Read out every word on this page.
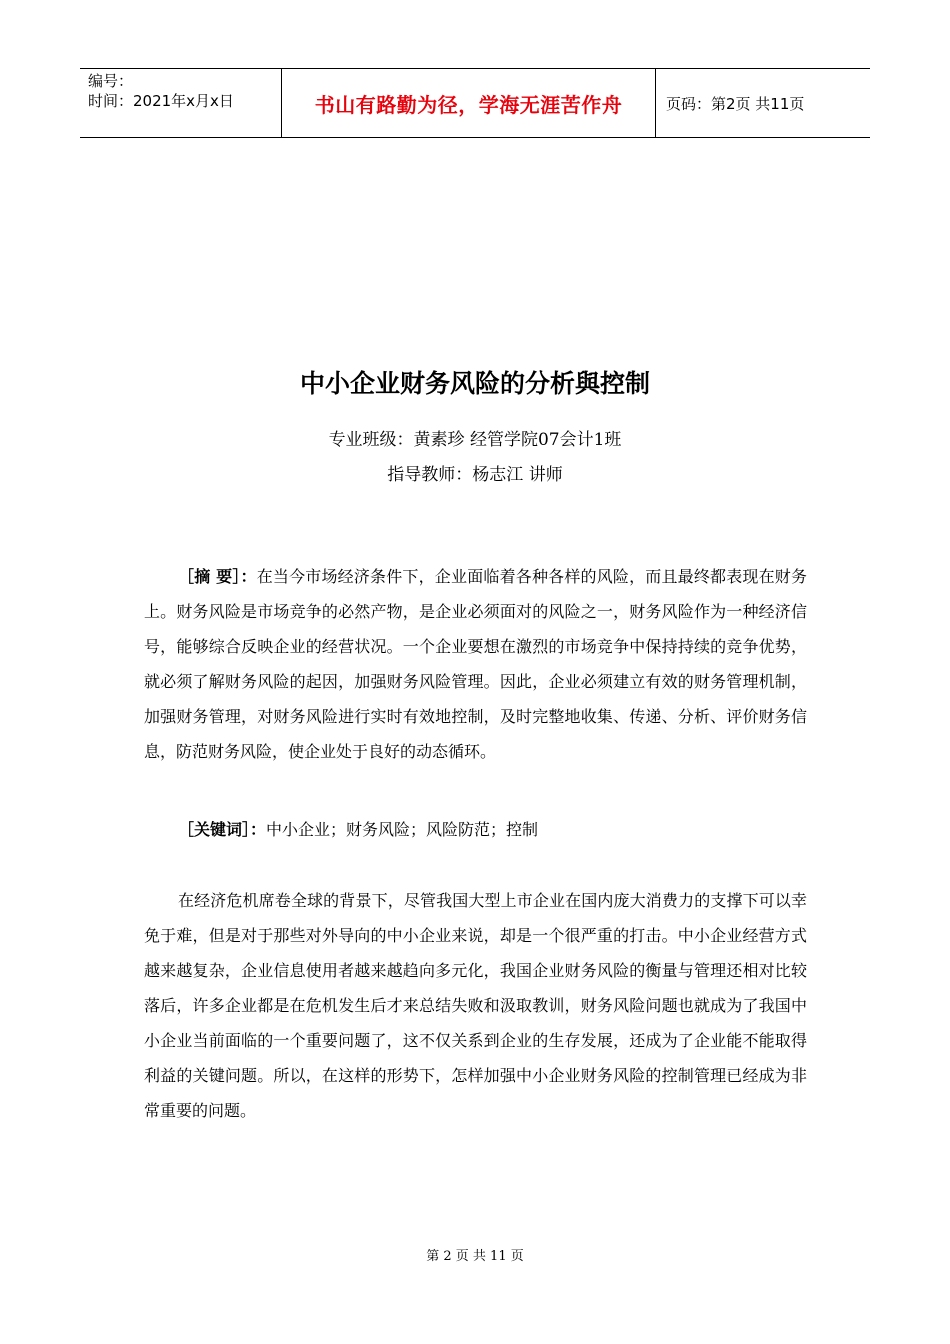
编号：
时间：2021年x月x日	书山有路勤为径，学海无涯苦作舟	页码：第2页 共11页
中小企业财务风险的分析與控制
专业班级：黄素珍 经管学院07会计1班
指导教师：杨志江 讲师
［摘 要］：在当今市场经济条件下，企业面临着各种各样的风险，而且最终都表现在财务上。财务风险是市场竞争的必然产物，是企业必须面对的风险之一，财务风险作为一种经济信号，能够综合反映企业的经营状况。一个企业要想在激烈的市场竞争中保持持续的竞争优势，就必须了解财务风险的起因，加强财务风险管理。因此，企业必须建立有效的财务管理机制，加强财务管理，对财务风险进行实时有效地控制，及时完整地收集、传递、分析、评价财务信息，防范财务风险，使企业处于良好的动态循环。
［关键词］：中小企业；财务风险；风险防范；控制
在经济危机席卷全球的背景下，尽管我国大型上市企业在国内庞大消费力的支撑下可以幸免于难，但是对于那些对外导向的中小企业来说，却是一个很严重的打击。中小企业经营方式越来越复杂，企业信息使用者越来越趋向多元化，我国企业财务风险的衡量与管理还相对比较落后，许多企业都是在危机发生后才来总结失败和汲取教训，财务风险问题也就成为了我国中小企业当前面临的一个重要问题了，这不仅关系到企业的生存发展，还成为了企业能不能取得利益的关键问题。所以，在这样的形势下，怎样加强中小企业财务风险的控制管理已经成为非常重要的问题。
第 2 页 共 11 页
